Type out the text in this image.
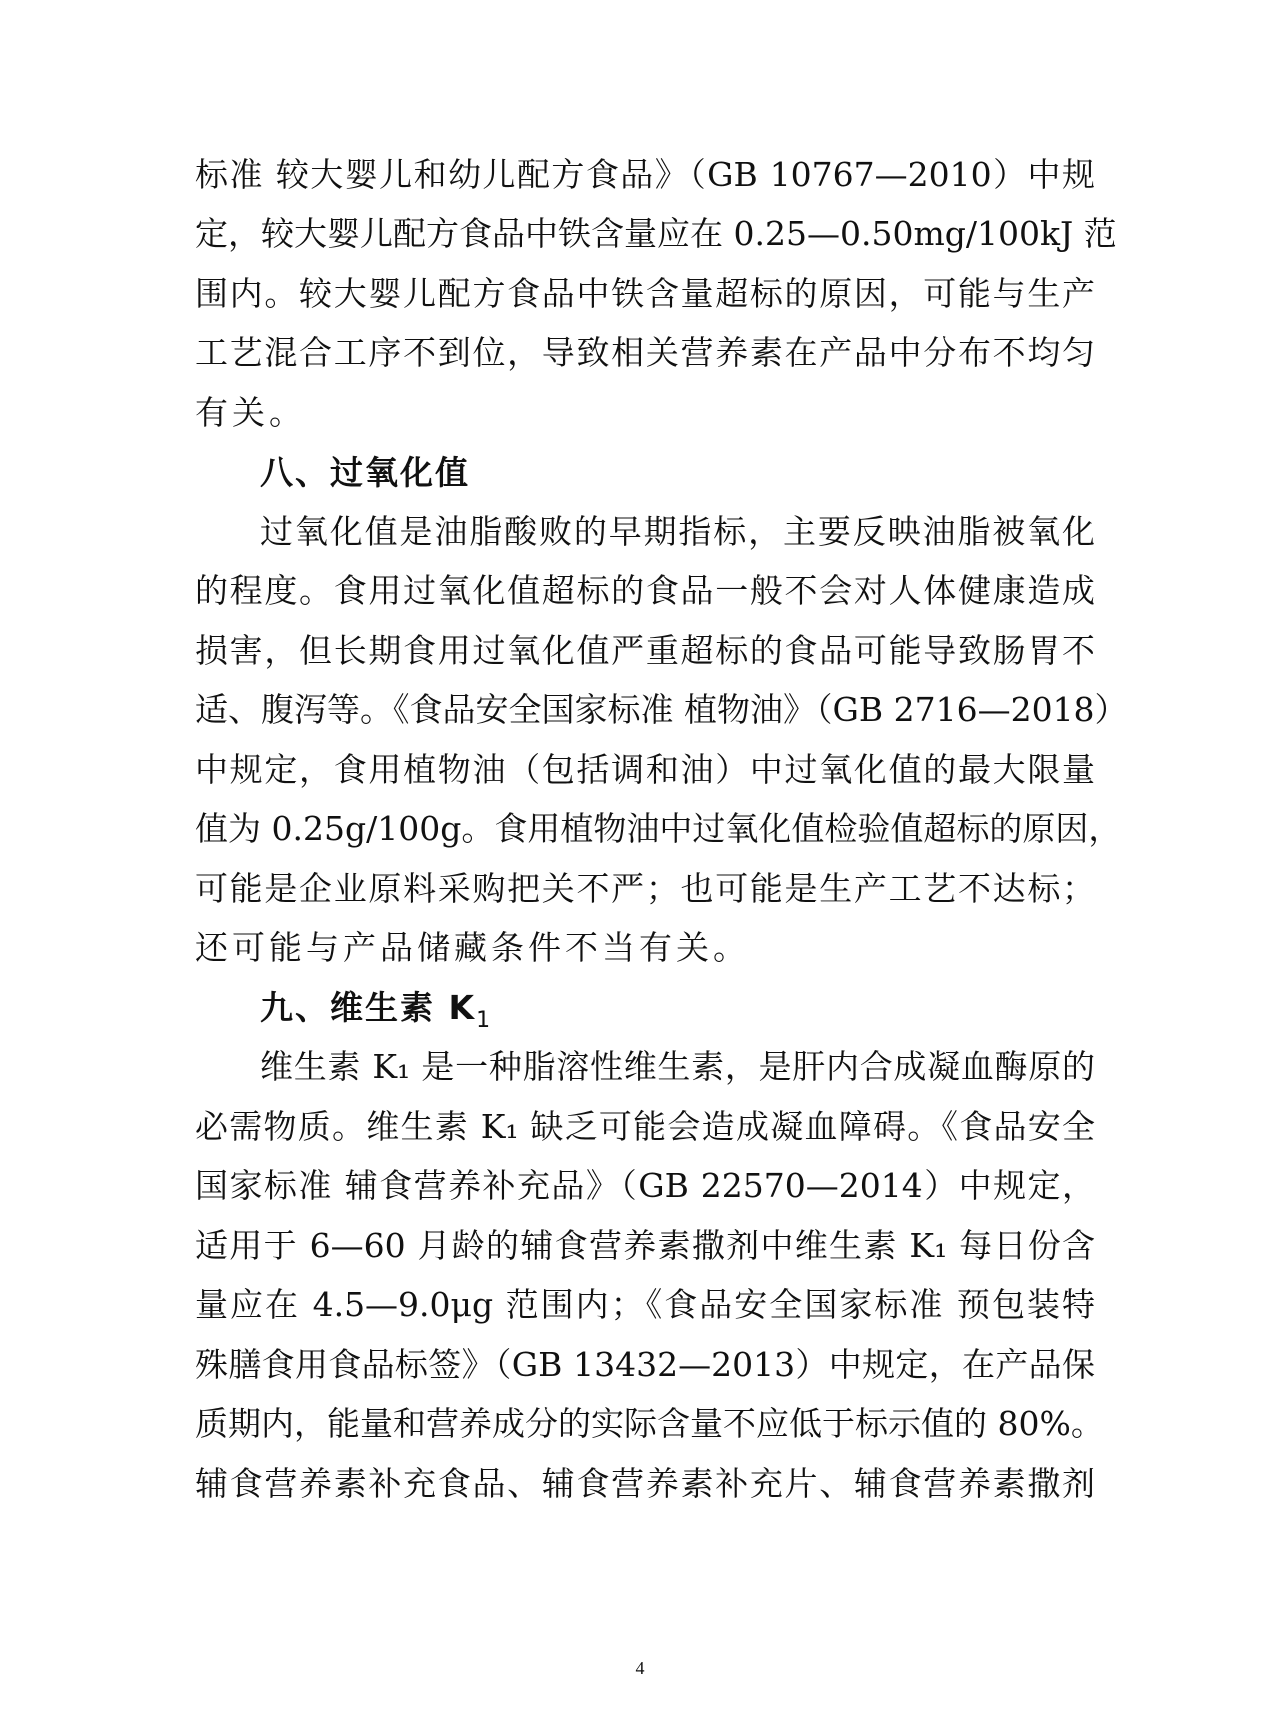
标准 较大婴儿和幼儿配方食品》（GB 10767—2010）中规
定，较大婴儿配方食品中铁含量应在 0.25—0.50mg/100kJ 范
围内。较大婴儿配方食品中铁含量超标的原因，可能与生产
工艺混合工序不到位，导致相关营养素在产品中分布不均匀
有关。
八、过氧化值
过氧化值是油脂酸败的早期指标，主要反映油脂被氧化
的程度。食用过氧化值超标的食品一般不会对人体健康造成
损害，但长期食用过氧化值严重超标的食品可能导致肠胃不
适、腹泻等。《食品安全国家标准 植物油》（GB 2716—2018）
中规定，食用植物油（包括调和油）中过氧化值的最大限量
值为 0.25g/100g。食用植物油中过氧化值检验值超标的原因，
可能是企业原料采购把关不严；也可能是生产工艺不达标；
还可能与产品储藏条件不当有关。
九、维生素 $K_1$
维生素 K₁ 是一种脂溶性维生素，是肝内合成凝血酶原的
必需物质。维生素 K₁ 缺乏可能会造成凝血障碍。《食品安全
国家标准 辅食营养补充品》（GB 22570—2014）中规定，
适用于 6—60 月龄的辅食营养素撒剂中维生素 K₁ 每日份含
量应在 4.5—9.0μg 范围内；《食品安全国家标准 预包装特
殊膳食用食品标签》（GB 13432—2013）中规定，在产品保
质期内，能量和营养成分的实际含量不应低于标示值的 80%。
辅食营养素补充食品、辅食营养素补充片、辅食营养素撒剂
4
